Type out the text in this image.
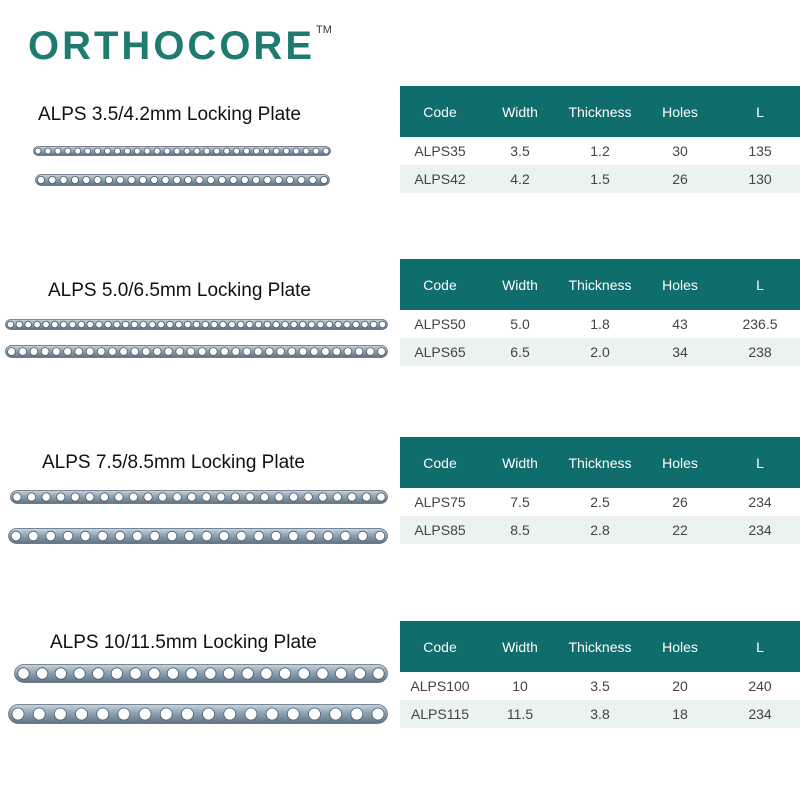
ORTHOCORE TM
ALPS 3.5/4.2mm Locking Plate	Code	Width	Thickness	Holes	L
ALPS35	3.5	1.2	30	135
ALPS42	4.2	1.5	26	130
ALPS 5.0/6.5mm Locking Plate	Code	Width	Thickness	Holes	L
ALPS50	5.0	1.8	43	236.5
ALPS65	6.5	2.0	34	238
ALPS 7.5/8.5mm Locking Plate	Code	Width	Thickness	Holes	L
ALPS75	7.5	2.5	26	234
ALPS85	8.5	2.8	22	234
ALPS 10/11.5mm Locking Plate	Code	Width	Thickness	Holes	L
ALPS100	10	3.5	20	240
ALPS115	11.5	3.8	18	234
